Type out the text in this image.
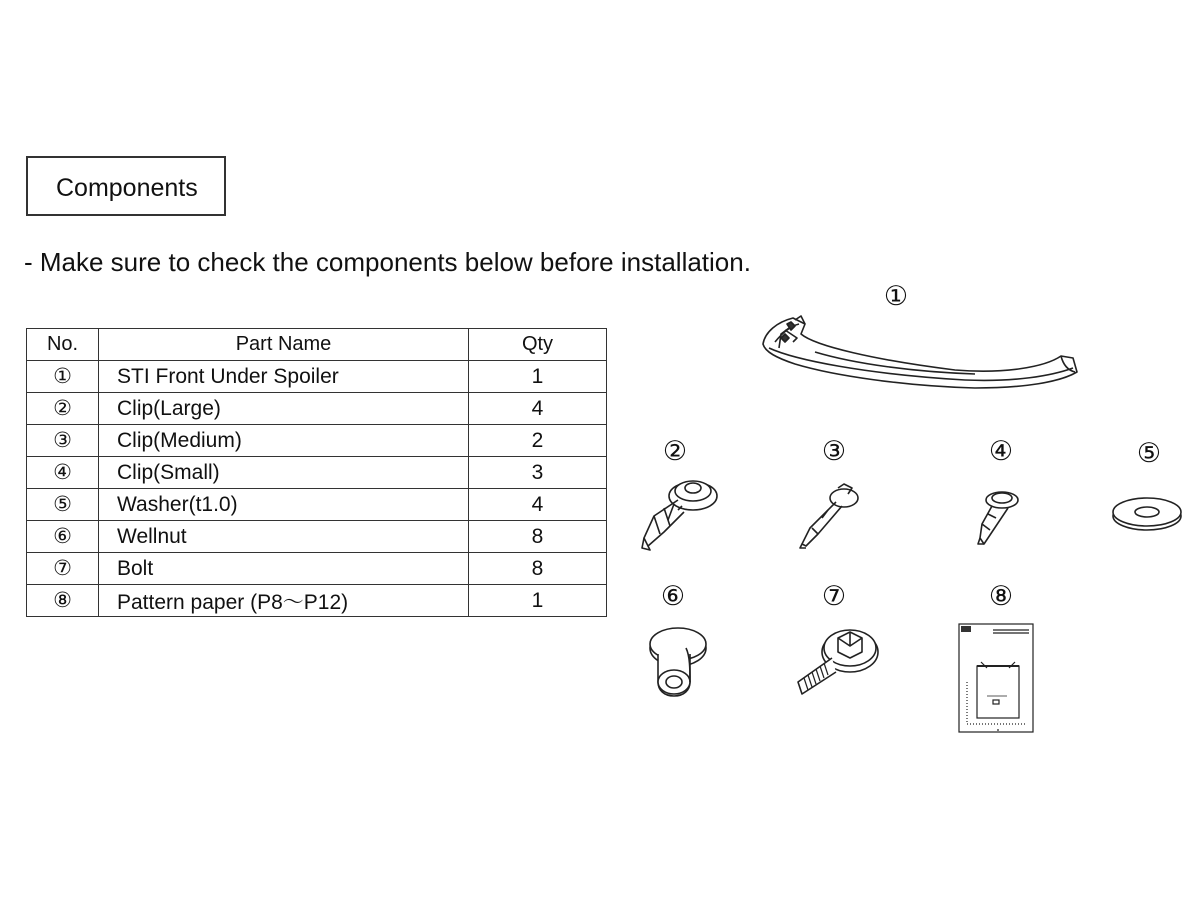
Components
- Make sure to check the components below before installation.
No.	Part Name	Qty
①	STI Front Under Spoiler	1
②	Clip(Large)	4
③	Clip(Medium)	2
④	Clip(Small)	3
⑤	Washer(t1.0)	4
⑥	Wellnut	8
⑦	Bolt	8
⑧	Pattern paper (P8～P12)	1
①
②	③	④	⑤
⑥	⑦	⑧
